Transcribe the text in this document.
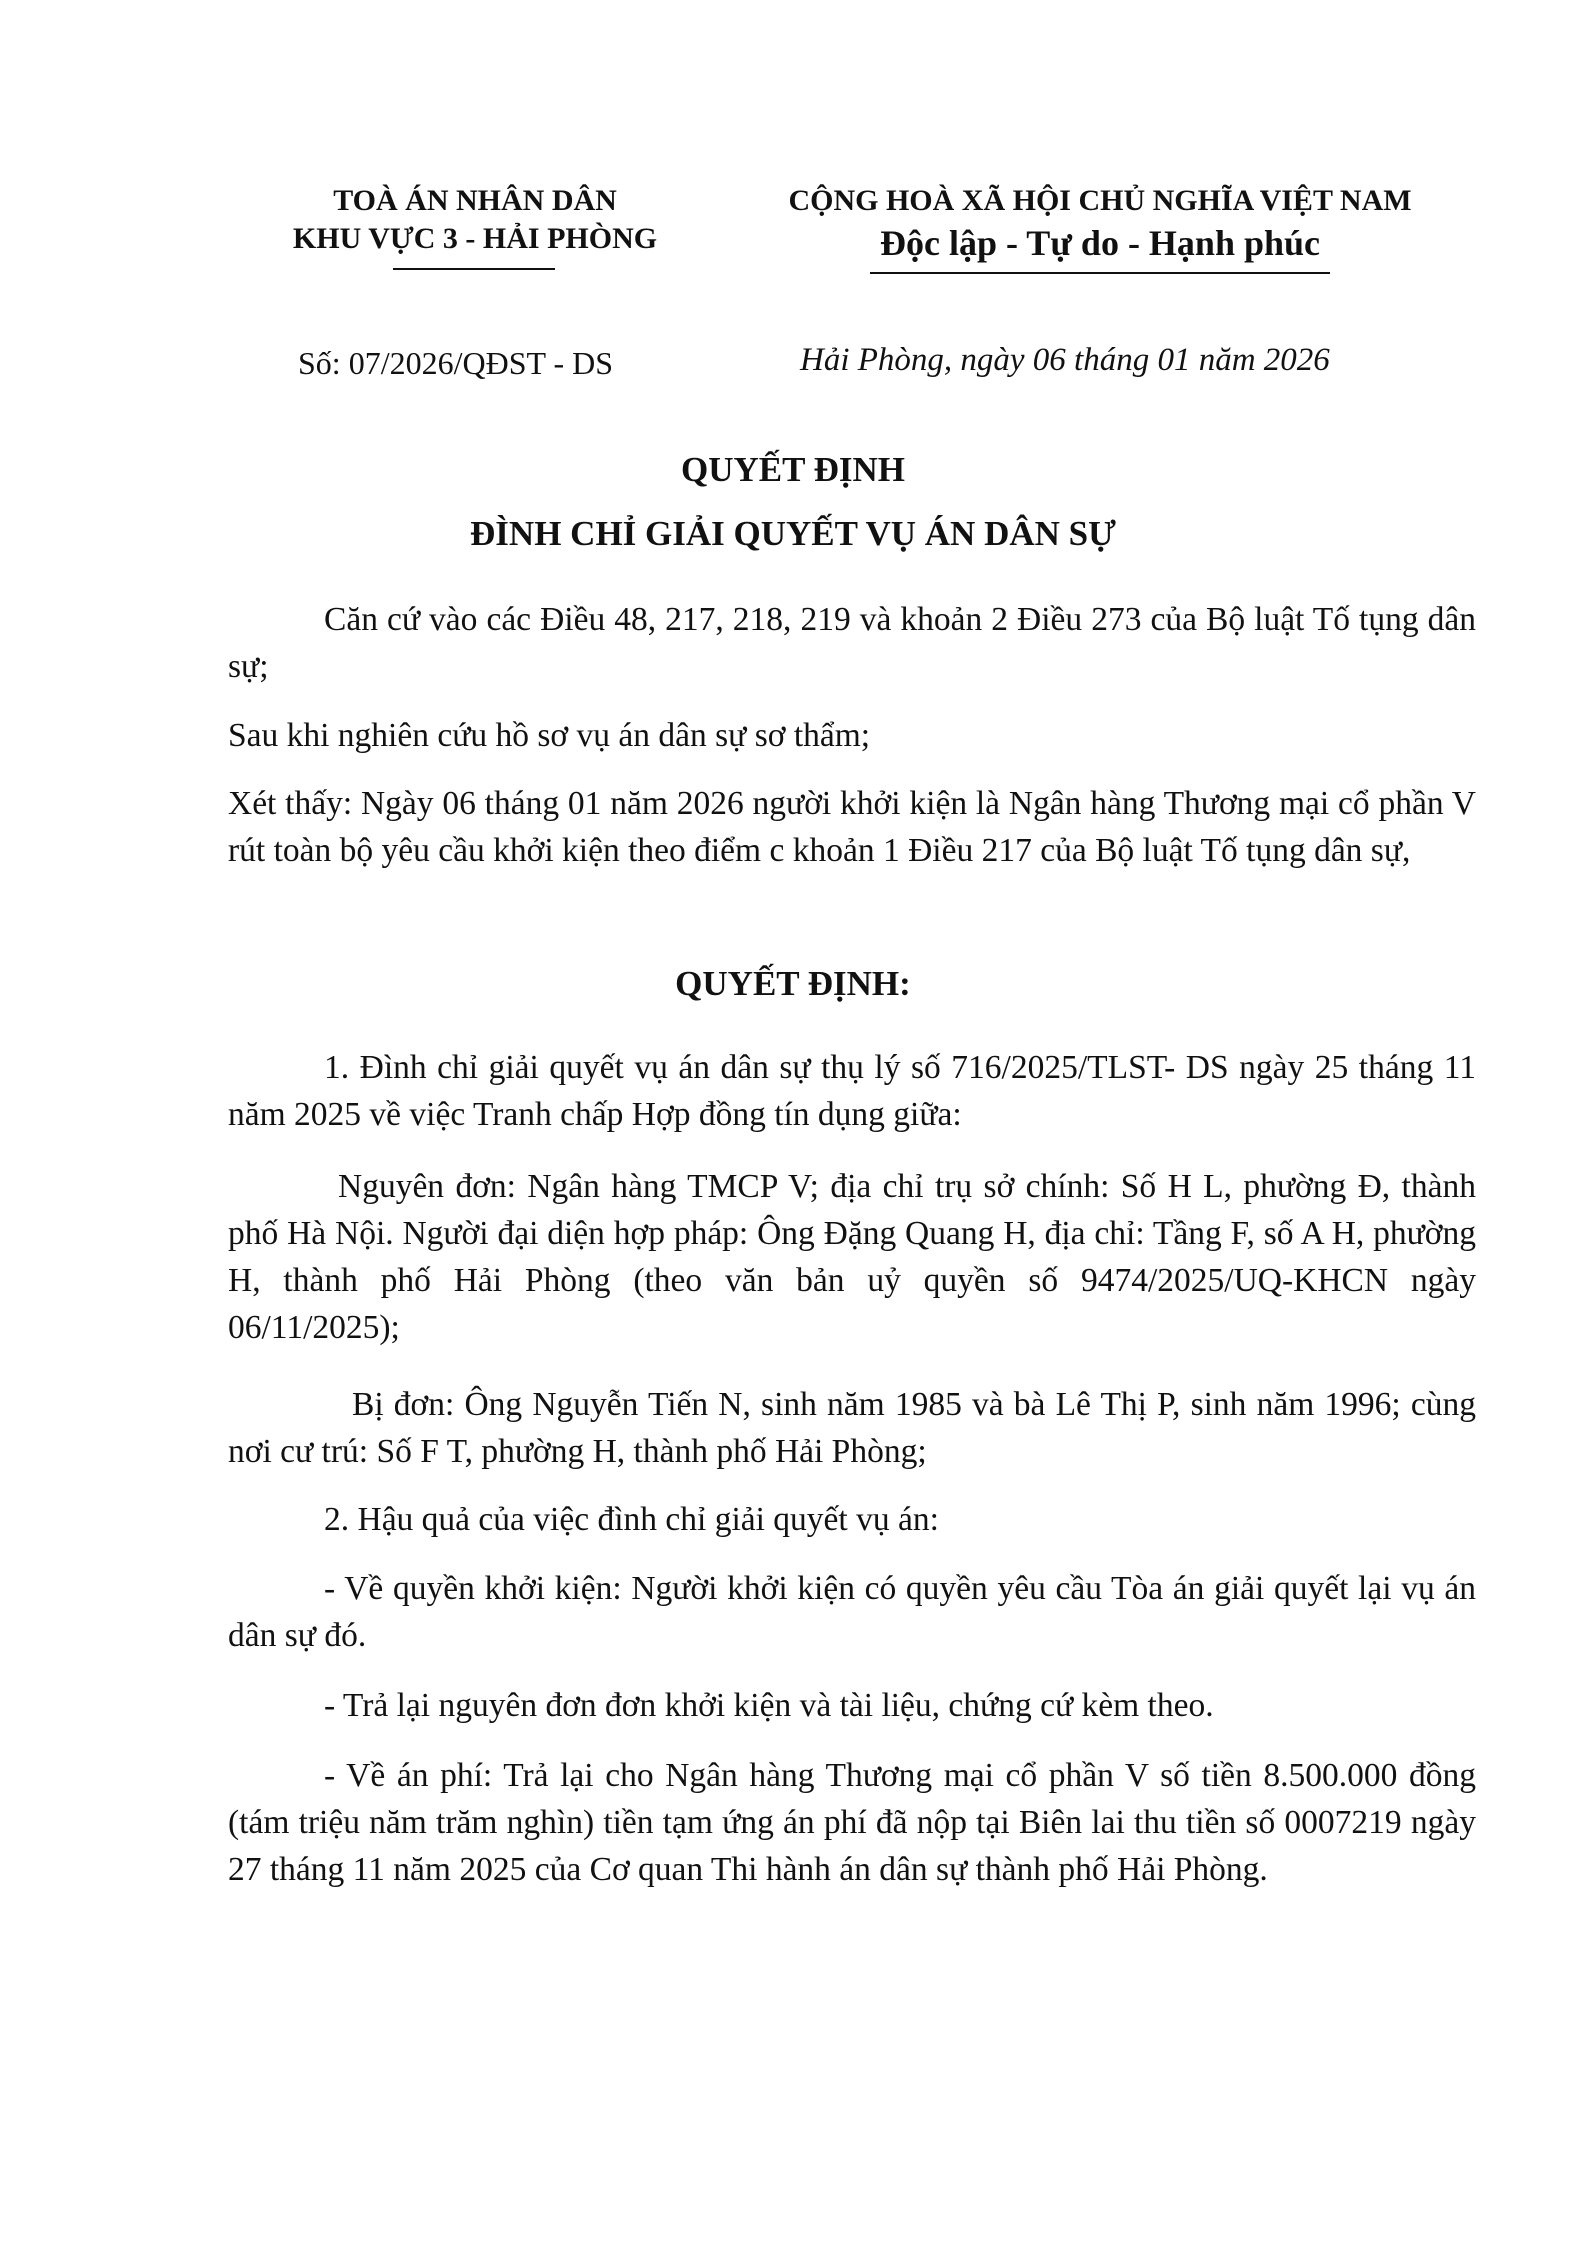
TOÀ ÁN NHÂN DÂN
KHU VỰC 3 - HẢI PHÒNG
CỘNG HOÀ XÃ HỘI CHỦ NGHĨA VIỆT NAM
Độc lập - Tự do - Hạnh phúc
Số: 07/2026/QĐST - DS	Hải Phòng, ngày 06 tháng 01 năm 2026
QUYẾT ĐỊNH
ĐÌNH CHỈ GIẢI QUYẾT VỤ ÁN DÂN SỰ
Căn cứ vào các Điều 48, 217, 218, 219 và khoản 2 Điều 273 của Bộ luật Tố tụng dân sự;
Sau khi nghiên cứu hồ sơ vụ án dân sự sơ thẩm;
Xét thấy: Ngày 06 tháng 01 năm 2026 người khởi kiện là Ngân hàng Thương mại cổ phần V rút toàn bộ yêu cầu khởi kiện theo điểm c khoản 1 Điều 217 của Bộ luật Tố tụng dân sự,
QUYẾT ĐỊNH:
1. Đình chỉ giải quyết vụ án dân sự thụ lý số 716/2025/TLST- DS ngày 25 tháng 11 năm 2025 về việc Tranh chấp Hợp đồng tín dụng giữa:
Nguyên đơn: Ngân hàng TMCP V; địa chỉ trụ sở chính: Số H L, phường Đ, thành phố Hà Nội. Người đại diện hợp pháp: Ông Đặng Quang H, địa chỉ: Tầng F, số A H, phường H, thành phố Hải Phòng (theo văn bản uỷ quyền số 9474/2025/UQ-KHCN ngày 06/11/2025);
Bị đơn: Ông Nguyễn Tiến N, sinh năm 1985 và bà Lê Thị P, sinh năm 1996; cùng nơi cư trú: Số F T, phường H, thành phố Hải Phòng;
2. Hậu quả của việc đình chỉ giải quyết vụ án:
- Về quyền khởi kiện: Người khởi kiện có quyền yêu cầu Tòa án giải quyết lại vụ án dân sự đó.
- Trả lại nguyên đơn đơn khởi kiện và tài liệu, chứng cứ kèm theo.
- Về án phí: Trả lại cho Ngân hàng Thương mại cổ phần V số tiền 8.500.000 đồng (tám triệu năm trăm nghìn) tiền tạm ứng án phí đã nộp tại Biên lai thu tiền số 0007219 ngày 27 tháng 11 năm 2025 của Cơ quan Thi hành án dân sự thành phố Hải Phòng.
